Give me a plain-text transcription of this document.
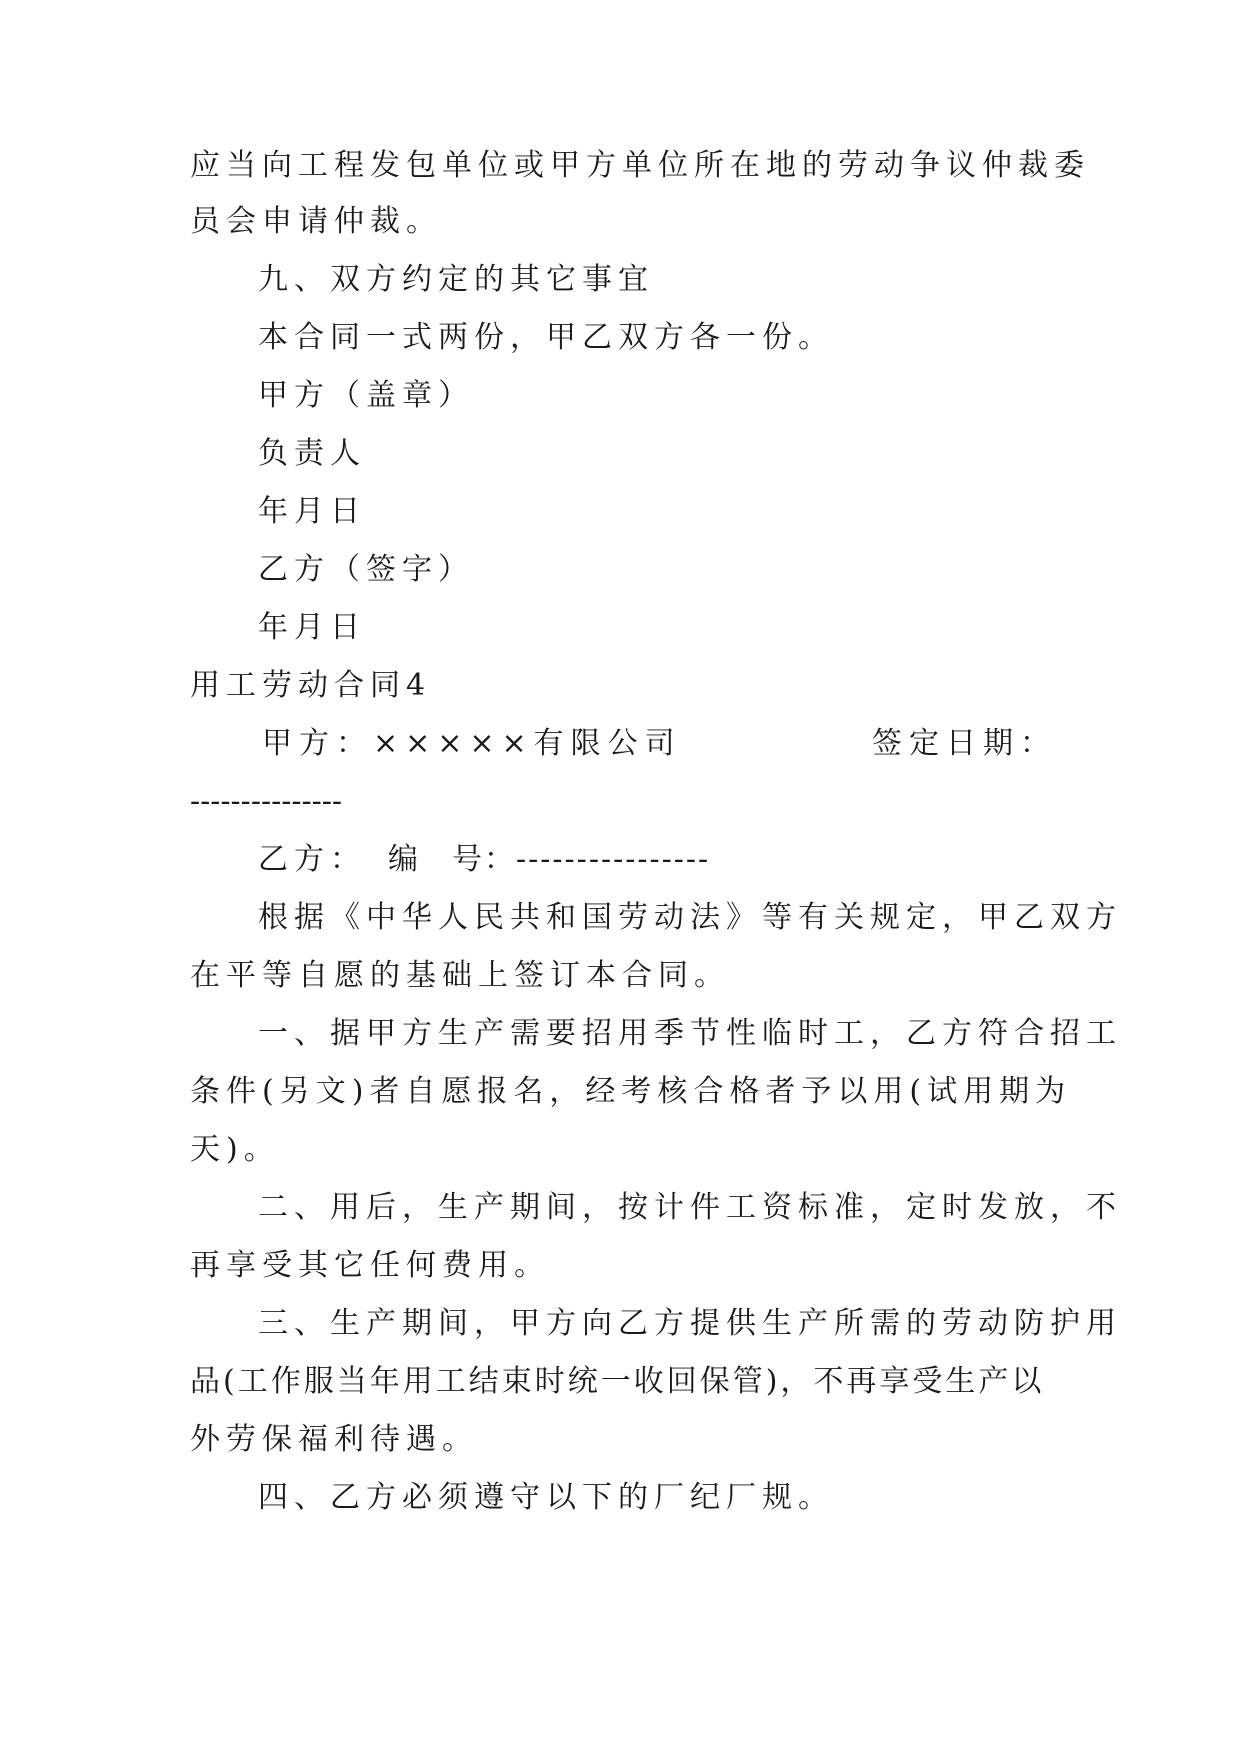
应当向工程发包单位或甲方单位所在地的劳动争议仲裁委
员会申请仲裁。
九、双方约定的其它事宜
本合同一式两份，甲乙双方各一份。
甲方（盖章）
负责人
年月日
乙方（签字）
年月日
用工劳动合同4
甲方：×××××有限公司	签定日期：
---------------
乙方： 编　号：----------------
根据《中华人民共和国劳动法》等有关规定，甲乙双方
在平等自愿的基础上签订本合同。
一、据甲方生产需要招用季节性临时工，乙方符合招工
条件(另文)者自愿报名，经考核合格者予以用(试用期为
天)。
二、用后，生产期间，按计件工资标准，定时发放，不
再享受其它任何费用。
三、生产期间，甲方向乙方提供生产所需的劳动防护用
品(工作服当年用工结束时统一收回保管)，不再享受生产以
外劳保福利待遇。
四、乙方必须遵守以下的厂纪厂规。
